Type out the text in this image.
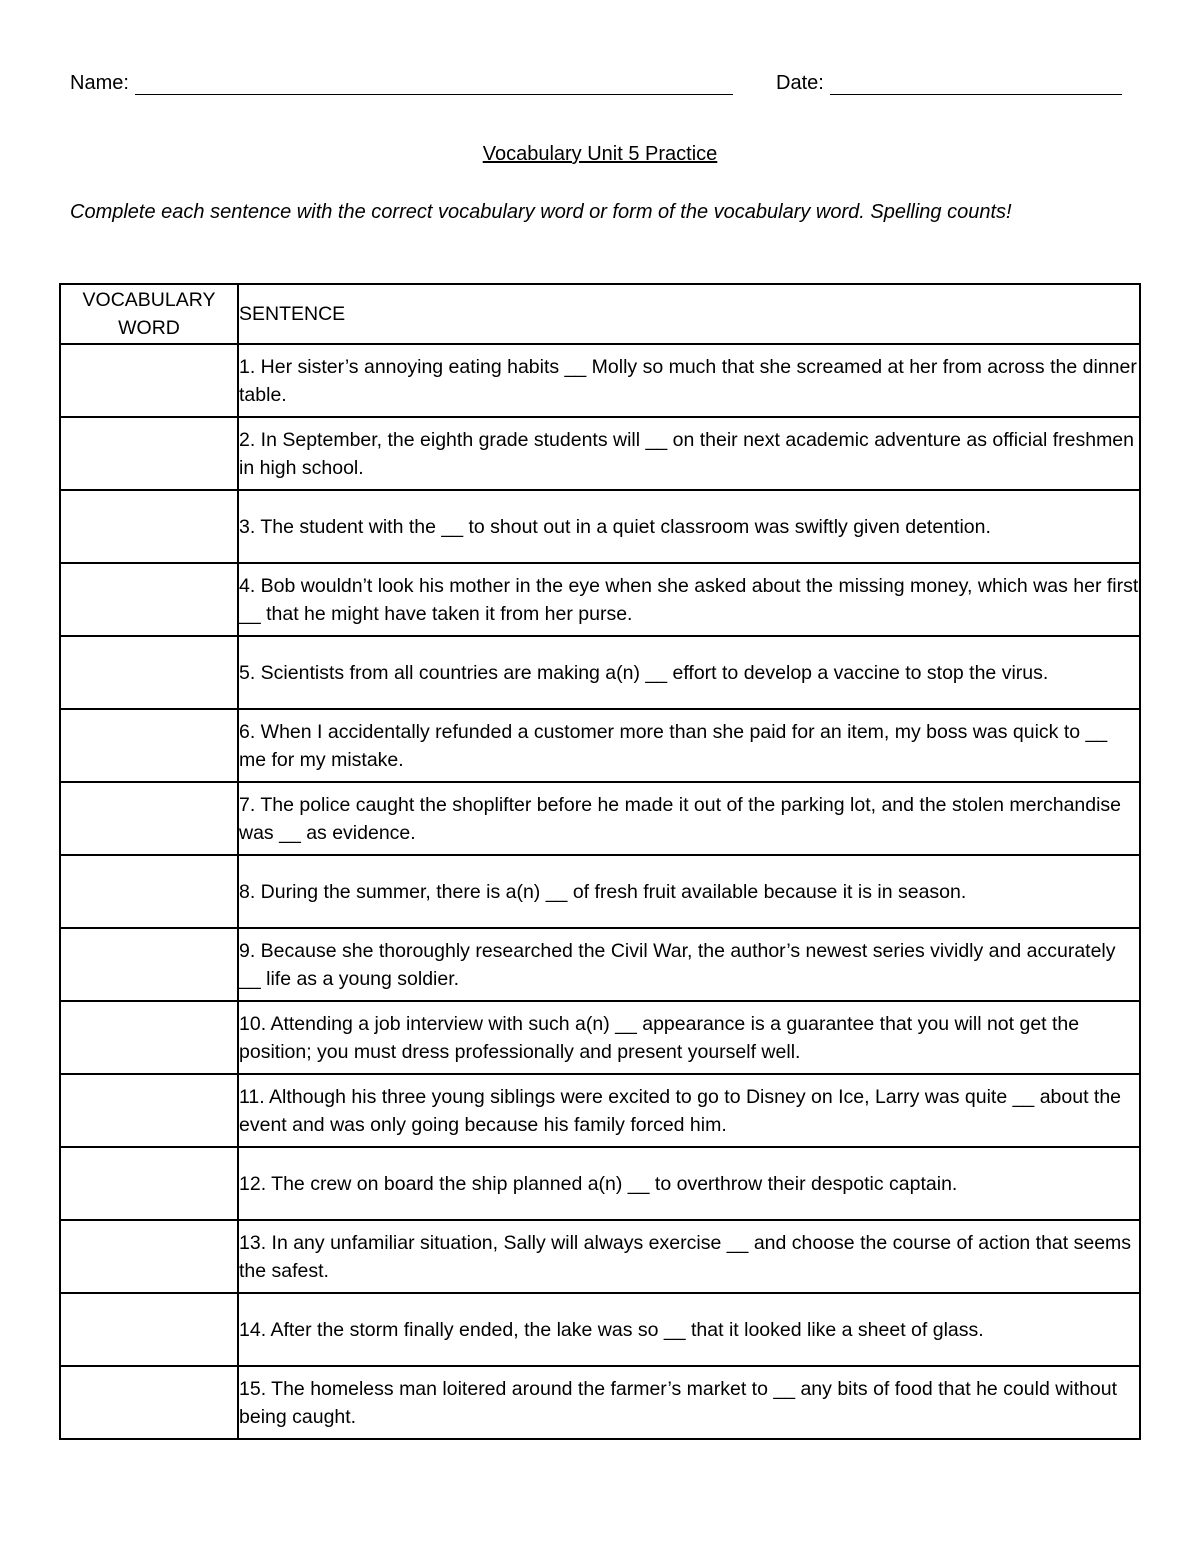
Name:	Date:
Vocabulary Unit 5 Practice
Complete each sentence with the correct vocabulary word or form of the vocabulary word. Spelling counts!
VOCABULARY WORD	SENTENCE
	1. Her sister’s annoying eating habits __ Molly so much that she screamed at her from across the dinner table.
	2. In September, the eighth grade students will __ on their next academic adventure as official freshmen in high school.
	3. The student with the __ to shout out in a quiet classroom was swiftly given detention.
	4. Bob wouldn’t look his mother in the eye when she asked about the missing money, which was her first __ that he might have taken it from her purse.
	5. Scientists from all countries are making a(n) __ effort to develop a vaccine to stop the virus.
	6. When I accidentally refunded a customer more than she paid for an item, my boss was quick to __ me for my mistake.
	7. The police caught the shoplifter before he made it out of the parking lot, and the stolen merchandise was __ as evidence.
	8. During the summer, there is a(n) __ of fresh fruit available because it is in season.
	9. Because she thoroughly researched the Civil War, the author’s newest series vividly and accurately __ life as a young soldier.
	10. Attending a job interview with such a(n) __ appearance is a guarantee that you will not get the position; you must dress professionally and present yourself well.
	11. Although his three young siblings were excited to go to Disney on Ice, Larry was quite __ about the event and was only going because his family forced him.
	12. The crew on board the ship planned a(n) __ to overthrow their despotic captain.
	13. In any unfamiliar situation, Sally will always exercise __ and choose the course of action that seems the safest.
	14. After the storm finally ended, the lake was so __ that it looked like a sheet of glass.
	15. The homeless man loitered around the farmer’s market to __ any bits of food that he could without being caught.
